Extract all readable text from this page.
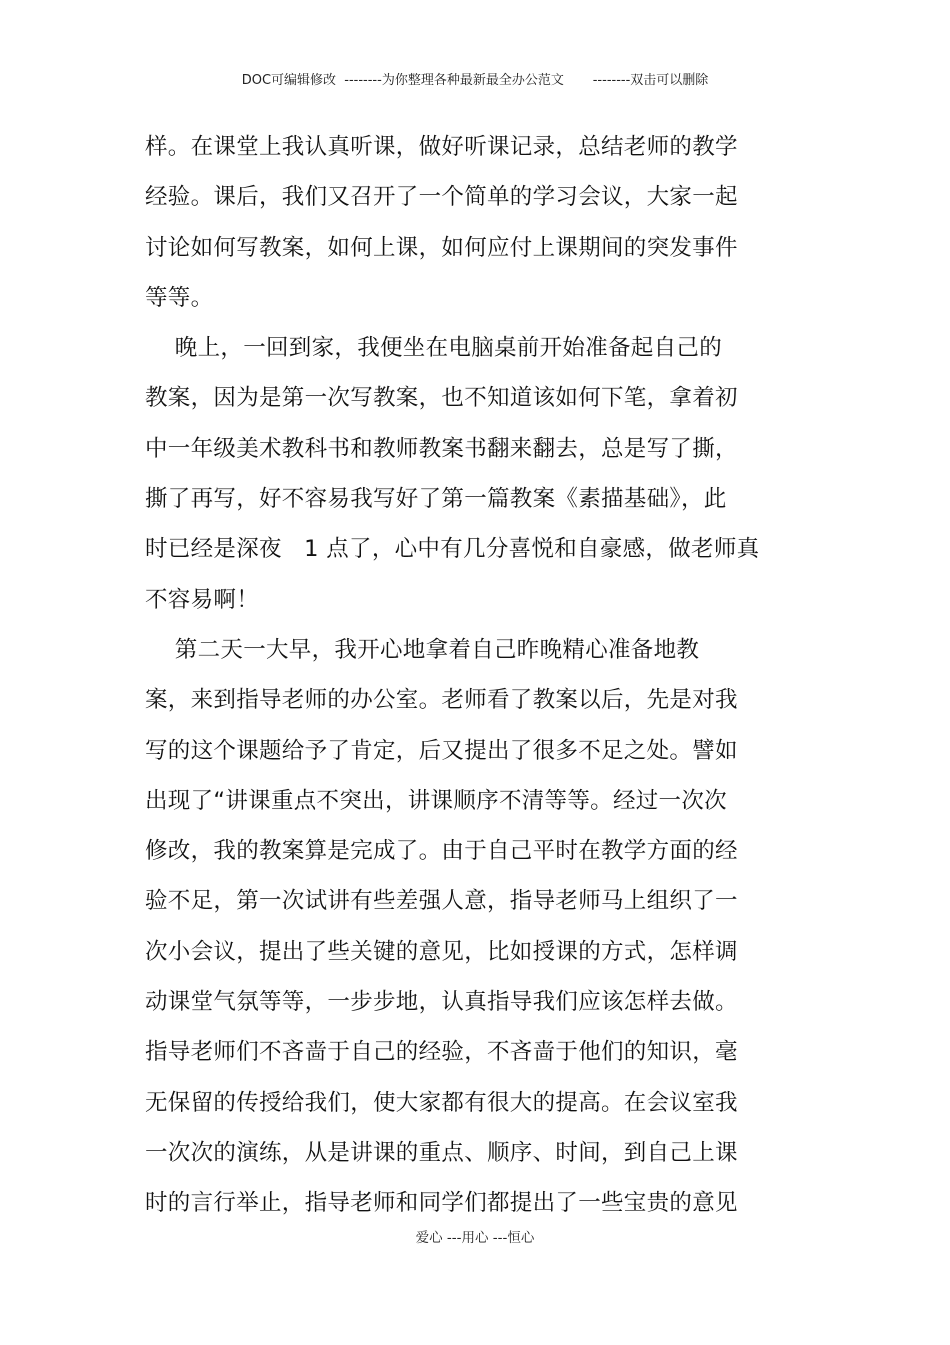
DOC可编辑修改  --------为你整理各种最新最全办公范文       --------双击可以删除
样。在课堂上我认真听课，做好听课记录，总结老师的教学
经验。课后，我们又召开了一个简单的学习会议，大家一起
讨论如何写教案，如何上课，如何应付上课期间的突发事件
等等。
晚上，一回到家，我便坐在电脑桌前开始准备起自己的
教案，因为是第一次写教案，也不知道该如何下笔，拿着初
中一年级美术教科书和教师教案书翻来翻去，总是写了撕，
撕了再写，好不容易我写好了第一篇教案《素描基础》，此
时已经是深夜   1 点了，心中有几分喜悦和自豪感，做老师真
不容易啊！
第二天一大早，我开心地拿着自己昨晚精心准备地教
案，来到指导老师的办公室。老师看了教案以后，先是对我
写的这个课题给予了肯定，后又提出了很多不足之处。譬如
出现了“讲课重点不突出，讲课顺序不清等等。经过一次次
修改，我的教案算是完成了。由于自己平时在教学方面的经
验不足，第一次试讲有些差强人意，指导老师马上组织了一
次小会议，提出了些关键的意见，比如授课的方式，怎样调
动课堂气氛等等，一步步地，认真指导我们应该怎样去做。
指导老师们不吝啬于自己的经验，不吝啬于他们的知识，毫
无保留的传授给我们，使大家都有很大的提高。在会议室我
一次次的演练，从是讲课的重点、顺序、时间，到自己上课
时的言行举止，指导老师和同学们都提出了一些宝贵的意见
爱心 ---用心 ---恒心
